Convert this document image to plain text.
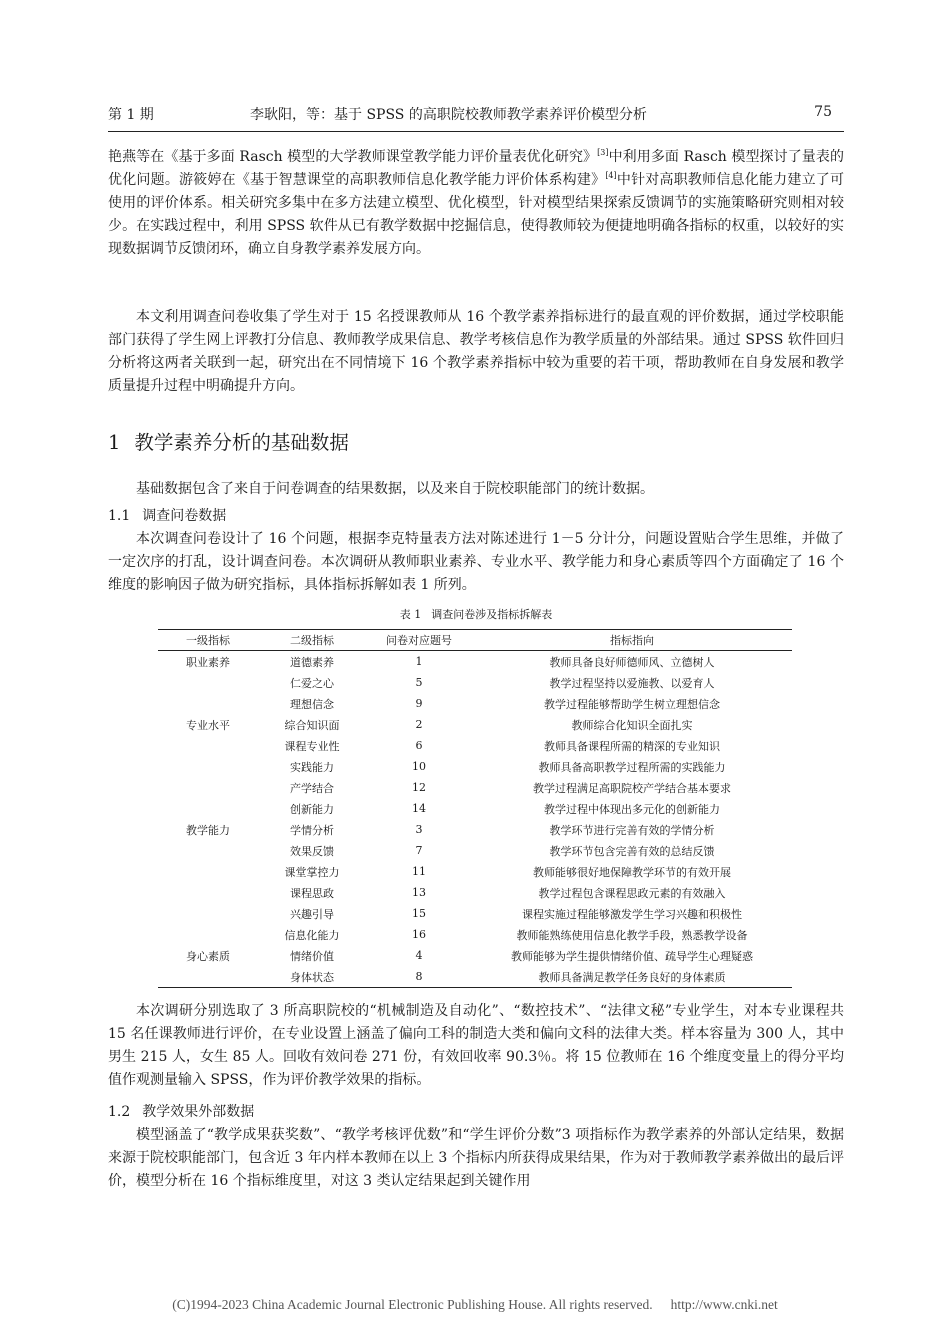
第 1 期	李耿阳，等：基于 SPSS 的高职院校教师教学素养评价模型分析	75

艳燕等在《基于多面 Rasch 模型的大学教师课堂教学能力评价量表优化研究》[3]中利用多面 Rasch 模型探讨了量表的优化问题。游筱婷在《基于智慧课堂的高职教师信息化教学能力评价体系构建》[4]中针对高职教师信息化能力建立了可使用的评价体系。相关研究多集中在多方法建立模型、优化模型，针对模型结果探索反馈调节的实施策略研究则相对较少。在实践过程中，利用 SPSS 软件从已有教学数据中挖掘信息，使得教师较为便捷地明确各指标的权重，以较好的实现数据调节反馈闭环，确立自身教学素养发展方向。

本文利用调查问卷收集了学生对于 15 名授课教师从 16 个教学素养指标进行的最直观的评价数据，通过学校职能部门获得了学生网上评教打分信息、教师教学成果信息、教学考核信息作为教学质量的外部结果。通过 SPSS 软件回归分析将这两者关联到一起，研究出在不同情境下 16 个教学素养指标中较为重要的若干项，帮助教师在自身发展和教学质量提升过程中明确提升方向。

1 教学素养分析的基础数据

基础数据包含了来自于问卷调查的结果数据，以及来自于院校职能部门的统计数据。

1.1 调查问卷数据

本次调查问卷设计了 16 个问题，根据李克特量表方法对陈述进行 1－5 分计分，问题设置贴合学生思维，并做了一定次序的打乱，设计调查问卷。本次调研从教师职业素养、专业水平、教学能力和身心素质等四个方面确定了 16 个维度的影响因子做为研究指标，具体指标拆解如表 1 所列。

表 1 调查问卷涉及指标拆解表

一级指标	二级指标	问卷对应题号	指标指向
职业素养	道德素养	1	教师具备良好师德师风、立德树人
	仁爱之心	5	教学过程坚持以爱施教、以爱育人
	理想信念	9	教学过程能够帮助学生树立理想信念
专业水平	综合知识面	2	教师综合化知识全面扎实
	课程专业性	6	教师具备课程所需的精深的专业知识
	实践能力	10	教师具备高职教学过程所需的实践能力
	产学结合	12	教学过程满足高职院校产学结合基本要求
	创新能力	14	教学过程中体现出多元化的创新能力
教学能力	学情分析	3	教学环节进行完善有效的学情分析
	效果反馈	7	教学环节包含完善有效的总结反馈
	课堂掌控力	11	教师能够很好地保障教学环节的有效开展
	课程思政	13	教学过程包含课程思政元素的有效融入
	兴趣引导	15	课程实施过程能够激发学生学习兴趣和积极性
	信息化能力	16	教师能熟练使用信息化教学手段，熟悉教学设备
身心素质	情绪价值	4	教师能够为学生提供情绪价值、疏导学生心理疑惑
	身体状态	8	教师具备满足教学任务良好的身体素质

本次调研分别选取了 3 所高职院校的“机械制造及自动化”、“数控技术”、“法律文秘”专业学生，对本专业课程共 15 名任课教师进行评价，在专业设置上涵盖了偏向工科的制造大类和偏向文科的法律大类。样本容量为 300 人，其中男生 215 人，女生 85 人。回收有效问卷 271 份，有效回收率 90.3％。将 15 位教师在 16 个维度变量上的得分平均值作观测量输入 SPSS，作为评价教学效果的指标。

1.2 教学效果外部数据

模型涵盖了“教学成果获奖数”、“教学考核评优数”和“学生评价分数”3 项指标作为教学素养的外部认定结果，数据来源于院校职能部门，包含近 3 年内样本教师在以上 3 个指标内所获得成果结果，作为对于教师教学素养做出的最后评价，模型分析在 16 个指标维度里，对这 3 类认定结果起到关键作用

(C)1994-2023 China Academic Journal Electronic Publishing House. All rights reserved. http://www.cnki.net
